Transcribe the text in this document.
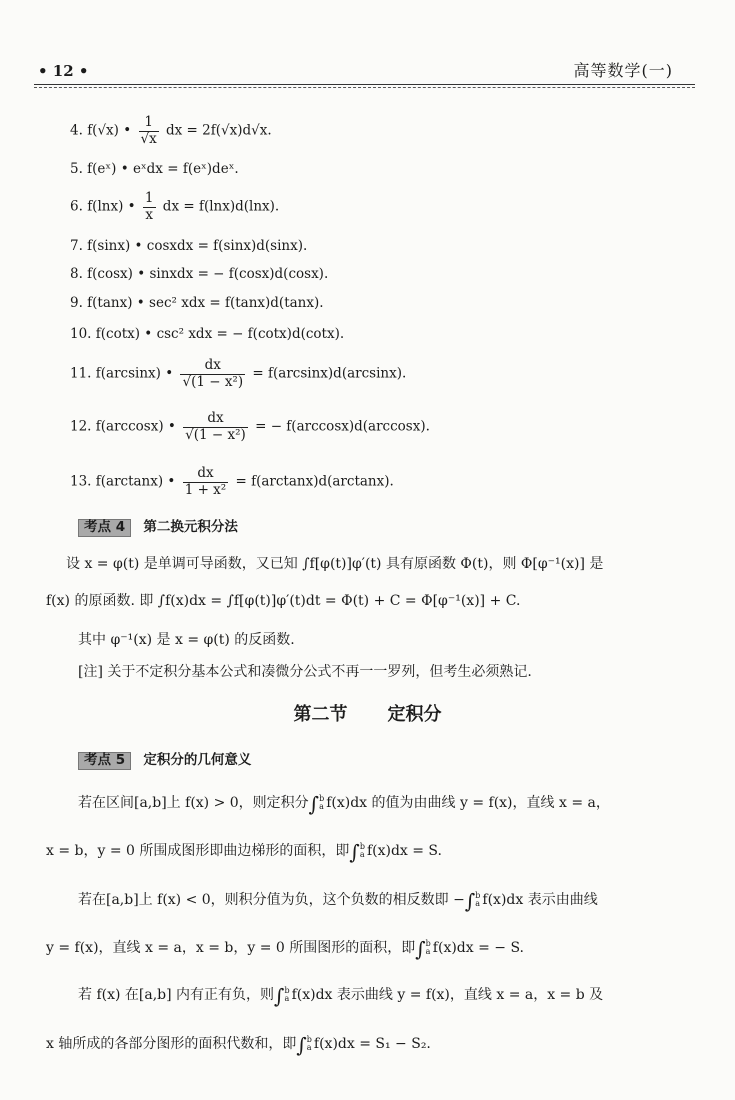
• 12 •	高等数学(一)
4. f(√x) • $\frac{1}{√x}$ dx = 2f(√x)d√x.
5. f(eˣ) • eˣdx = f(eˣ)deˣ.
6. f(lnx) • $\frac{1}{x}$ dx = f(lnx)d(lnx).
7. f(sinx) • cosxdx = f(sinx)d(sinx).
8. f(cosx) • sinxdx = − f(cosx)d(cosx).
9. f(tanx) • sec² xdx = f(tanx)d(tanx).
10. f(cotx) • csc² xdx = − f(cotx)d(cotx).
11. f(arcsinx) • $\frac{dx}{\text{√(1 − x²)}} = f(\arcsin x)d(\arcsin x)$.
12. f(arccosx) • $\frac{dx}{\text{√(1 − x²)}}$ = − f(arccosx)d(arccosx).
13. f(arctanx) • $\frac{dx}{\text{1 + x²}} = f(\arctan x)d(\arctan x)$.
考点 4 第二换元积分法
设 x = φ(t) 是单调可导函数，又已知 ∫f[φ(t)]φ′(t) 具有原函数 Φ(t)，则 Φ[φ⁻¹(x)] 是
f(x) 的原函数. 即 ∫f(x)dx = ∫f[φ(t)]φ′(t)dt = Φ(t) + C = Φ[φ⁻¹(x)] + C.
其中 φ⁻¹(x) 是 x = φ(t) 的反函数.
[注] 关于不定积分基本公式和凑微分公式不再一一罗列，但考生必须熟记.
第二节 定积分
考点 5 定积分的几何意义
若在区间[a,b]上 f(x) > 0，则定积分∫ b
a f(x)dx 的值为由曲线 y = f(x)，直线 x = a，
x = b，y = 0 所围成图形即曲边梯形的面积，即∫ b
a f(x)dx = S.
若在[a,b]上 f(x) < 0，则积分值为负，这个负数的相反数即 −∫ b
a f(x)dx 表示由曲线
y = f(x)，直线 x = a，x = b，y = 0 所围图形的面积，即∫ b
a f(x)dx = − S.
若 f(x) 在[a,b] 内有正有负，则∫ b
a f(x)dx 表示曲线 y = f(x)，直线 x = a，x = b 及
x 轴所成的各部分图形的面积代数和，即∫ b
a f(x)dx = S₁ − S₂.
